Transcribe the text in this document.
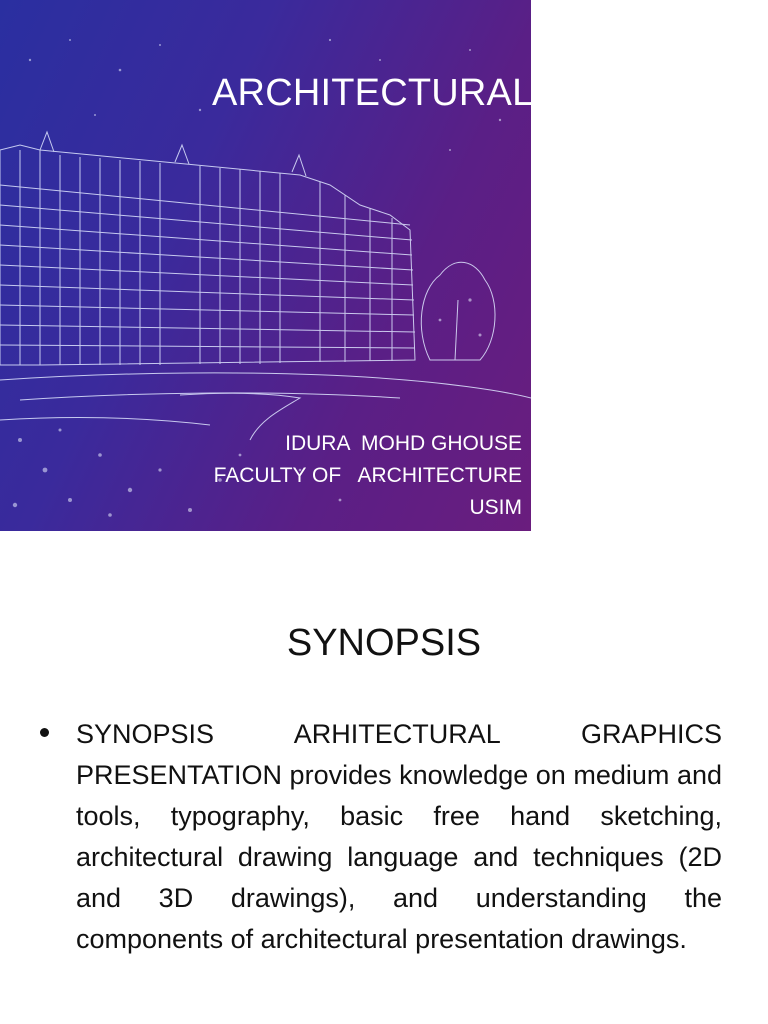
IDURA  MOHD GHOUSE
FACULTY OF   ARCHITECTURE
USIM
ARCHITECTURAL   GRAPHIC
SYNOPSIS
SYNOPSIS ARHITECTURAL GRAPHICS PRESENTATION provides knowledge on medium and tools, typography, basic free hand sketching, architectural drawing language and techniques (2D and 3D drawings), and understanding the components of architectural presentation drawings.
